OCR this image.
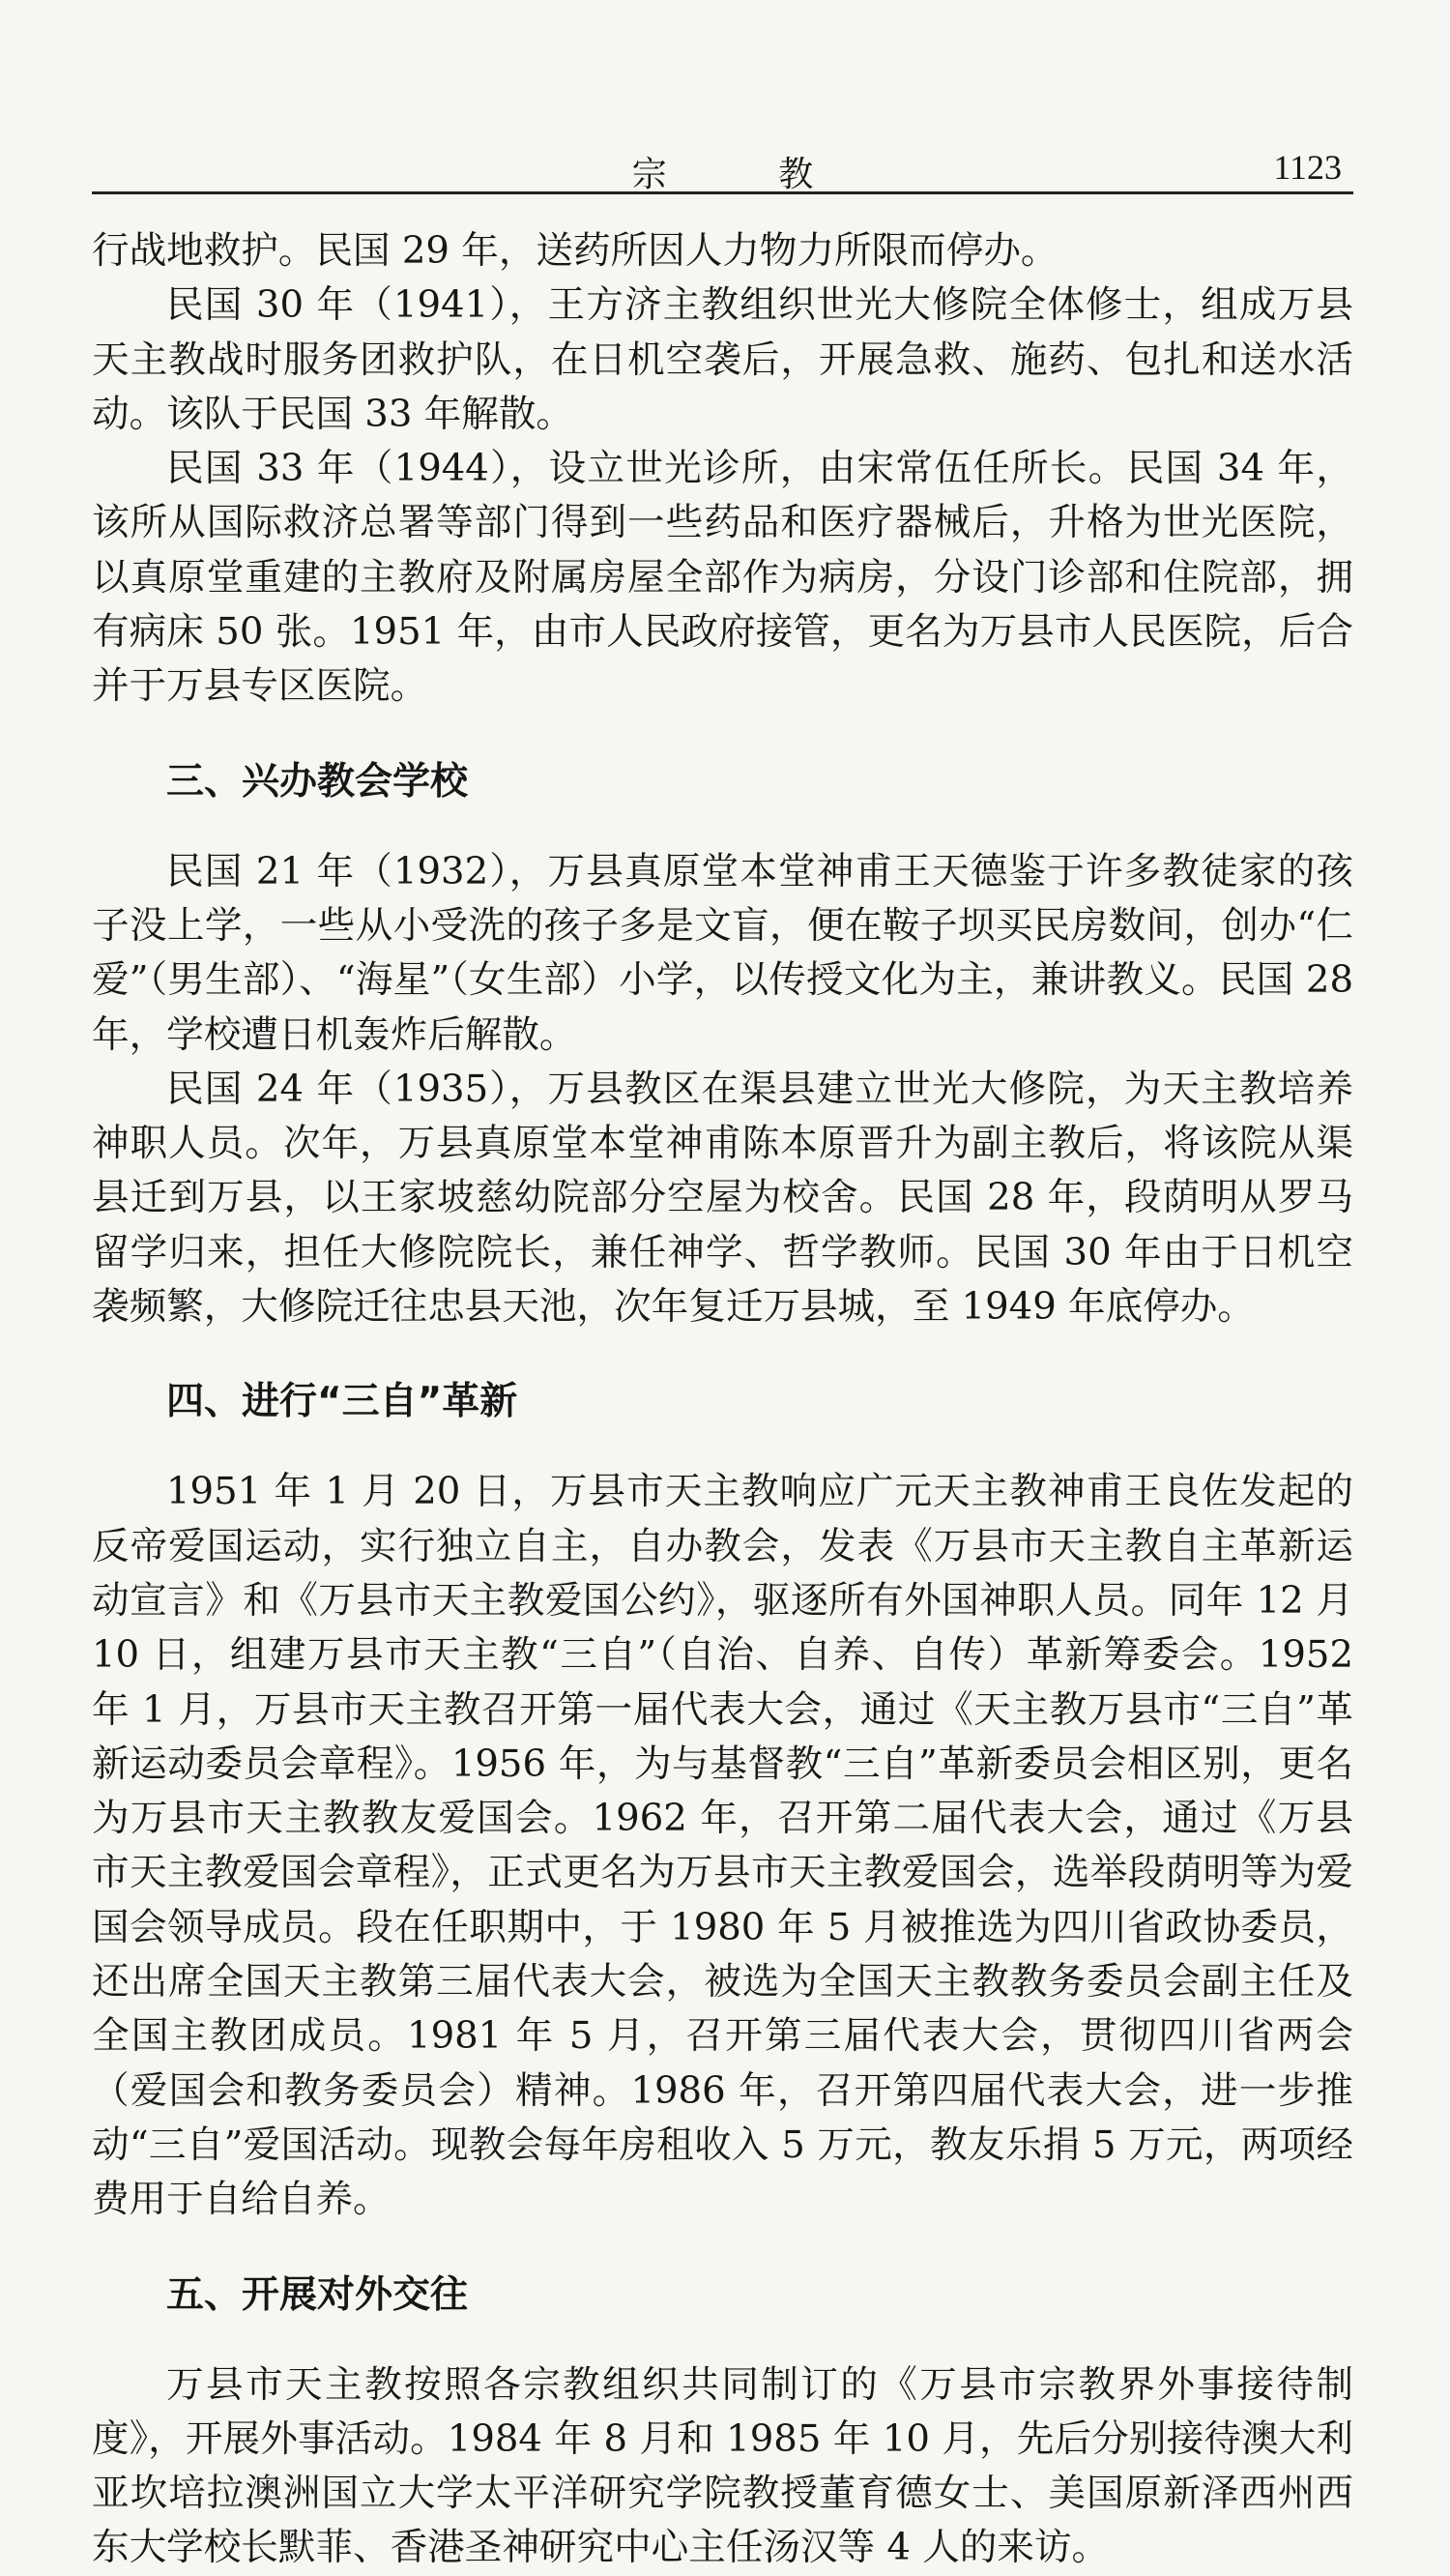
宗 教	1123

行战地救护。民国 29 年，送药所因人力物力所限而停办。

民国 30 年（1941），王方济主教组织世光大修院全体修士，组成万县天主教战时服务团救护队，在日机空袭后，开展急救、施药、包扎和送水活动。该队于民国 33 年解散。

民国 33 年（1944），设立世光诊所，由宋常伍任所长。民国 34 年，该所从国际救济总署等部门得到一些药品和医疗器械后，升格为世光医院，以真原堂重建的主教府及附属房屋全部作为病房，分设门诊部和住院部，拥有病床 50 张。1951 年，由市人民政府接管，更名为万县市人民医院，后合并于万县专区医院。

三、兴办教会学校

民国 21 年（1932），万县真原堂本堂神甫王天德鉴于许多教徒家的孩子没上学，一些从小受洗的孩子多是文盲，便在鞍子坝买民房数间，创办“仁爱”（男生部）、“海星”（女生部）小学，以传授文化为主，兼讲教义。民国 28 年，学校遭日机轰炸后解散。

民国 24 年（1935），万县教区在渠县建立世光大修院，为天主教培养神职人员。次年，万县真原堂本堂神甫陈本原晋升为副主教后，将该院从渠县迁到万县，以王家坡慈幼院部分空屋为校舍。民国 28 年，段荫明从罗马留学归来，担任大修院院长，兼任神学、哲学教师。民国 30 年由于日机空袭频繁，大修院迁往忠县天池，次年复迁万县城，至 1949 年底停办。

四、进行“三自”革新

1951 年 1 月 20 日，万县市天主教响应广元天主教神甫王良佐发起的反帝爱国运动，实行独立自主，自办教会，发表《万县市天主教自主革新运动宣言》和《万县市天主教爱国公约》，驱逐所有外国神职人员。同年 12 月 10 日，组建万县市天主教“三自”（自治、自养、自传）革新筹委会。1952 年 1 月，万县市天主教召开第一届代表大会，通过《天主教万县市“三自”革新运动委员会章程》。1956 年，为与基督教“三自”革新委员会相区别，更名为万县市天主教教友爱国会。1962 年，召开第二届代表大会，通过《万县市天主教爱国会章程》，正式更名为万县市天主教爱国会，选举段荫明等为爱国会领导成员。段在任职期中，于 1980 年 5 月被推选为四川省政协委员，还出席全国天主教第三届代表大会，被选为全国天主教教务委员会副主任及全国主教团成员。1981 年 5 月，召开第三届代表大会，贯彻四川省两会（爱国会和教务委员会）精神。1986 年，召开第四届代表大会，进一步推动“三自”爱国活动。现教会每年房租收入 5 万元，教友乐捐 5 万元，两项经费用于自给自养。

五、开展对外交往

万县市天主教按照各宗教组织共同制订的《万县市宗教界外事接待制度》，开展外事活动。1984 年 8 月和 1985 年 10 月，先后分别接待澳大利亚坎培拉澳洲国立大学太平洋研究学院教授董育德女士、美国原新泽西州西东大学校长默菲、香港圣神研究中心主任汤汉等 4 人的来访。
